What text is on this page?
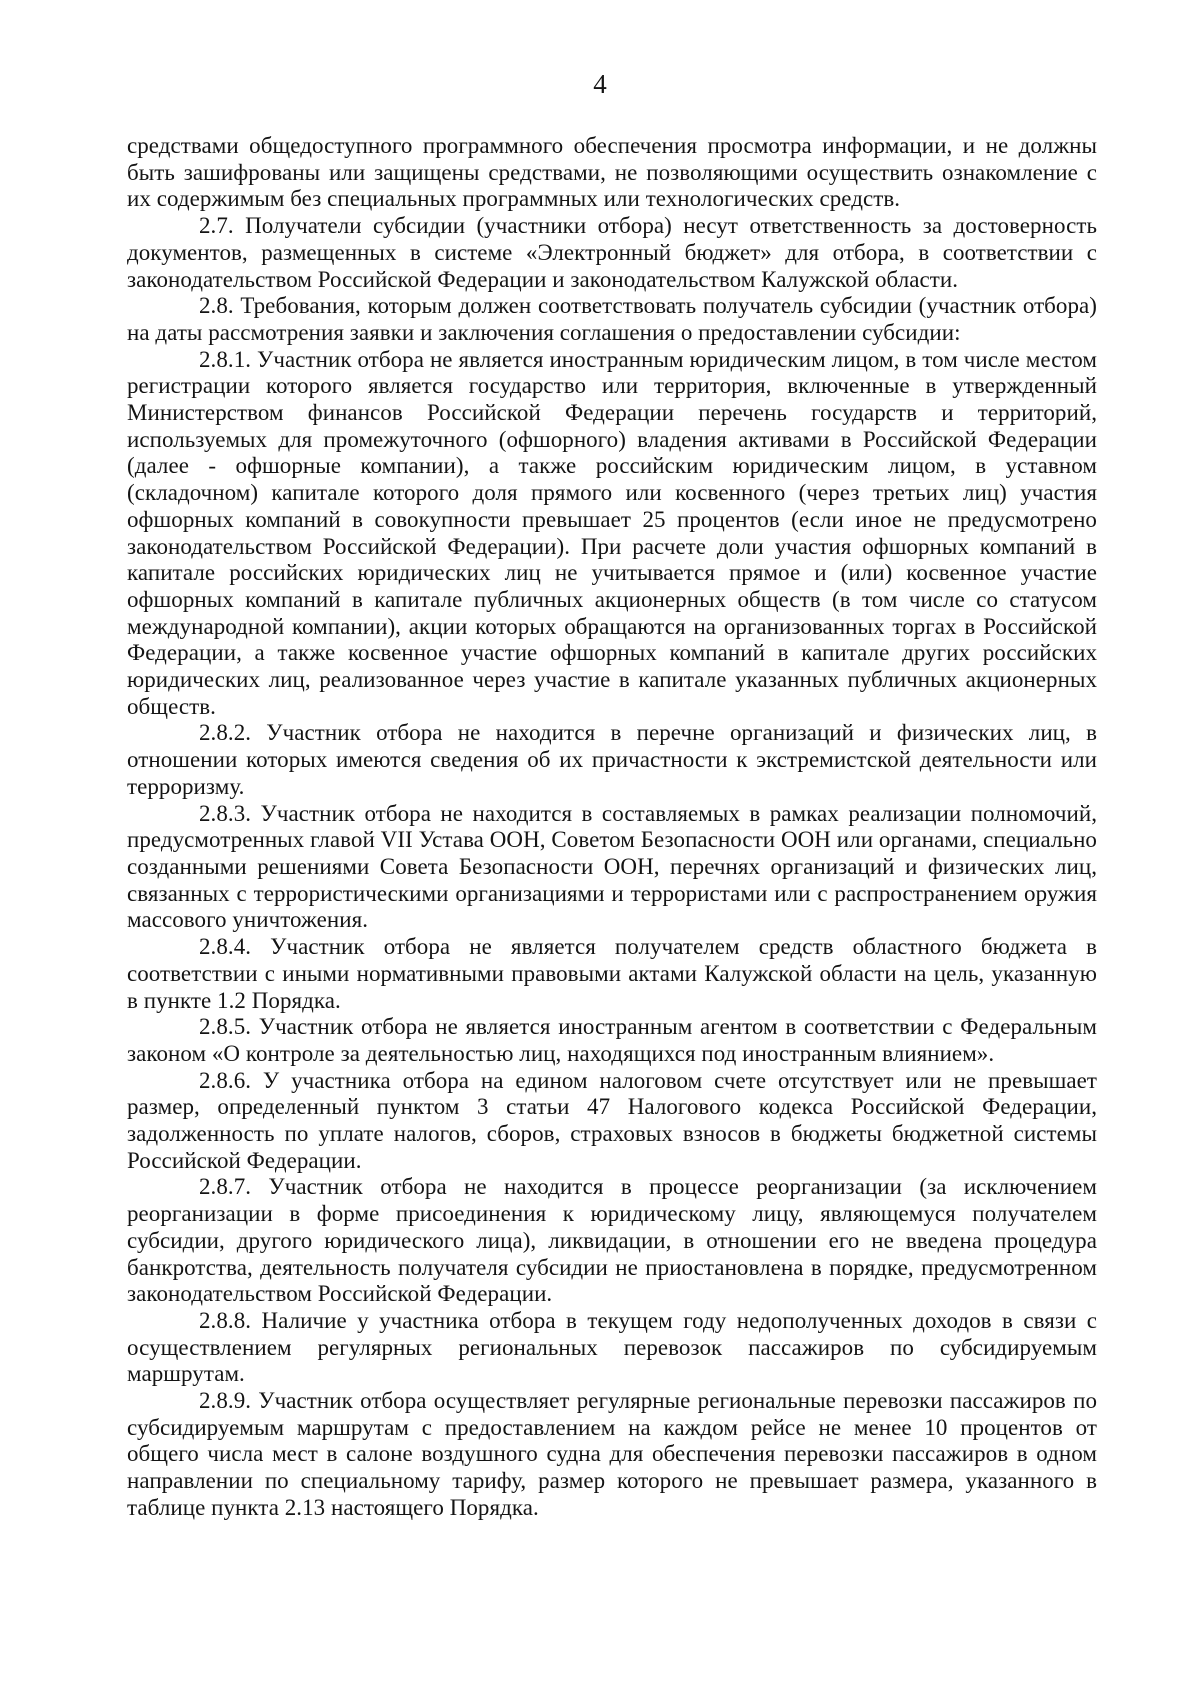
4

средствами общедоступного программного обеспечения просмотра информации, и не должны быть зашифрованы или защищены средствами, не позволяющими осуществить ознакомление с их содержимым без специальных программных или технологических средств.

2.7. Получатели субсидии (участники отбора) несут ответственность за достоверность документов, размещенных в системе «Электронный бюджет» для отбора, в соответствии с законодательством Российской Федерации и законодательством Калужской области.

2.8. Требования, которым должен соответствовать получатель субсидии (участник отбора) на даты рассмотрения заявки и заключения соглашения о предоставлении субсидии:

2.8.1. Участник отбора не является иностранным юридическим лицом, в том числе местом регистрации которого является государство или территория, включенные в утвержденный Министерством финансов Российской Федерации перечень государств и территорий, используемых для промежуточного (офшорного) владения активами в Российской Федерации (далее - офшорные компании), а также российским юридическим лицом, в уставном (складочном) капитале которого доля прямого или косвенного (через третьих лиц) участия офшорных компаний в совокупности превышает 25 процентов (если иное не предусмотрено законодательством Российской Федерации). При расчете доли участия офшорных компаний в капитале российских юридических лиц не учитывается прямое и (или) косвенное участие офшорных компаний в капитале публичных акционерных обществ (в том числе со статусом международной компании), акции которых обращаются на организованных торгах в Российской Федерации, а также косвенное участие офшорных компаний в капитале других российских юридических лиц, реализованное через участие в капитале указанных публичных акционерных обществ.

2.8.2. Участник отбора не находится в перечне организаций и физических лиц, в отношении которых имеются сведения об их причастности к экстремистской деятельности или терроризму.

2.8.3. Участник отбора не находится в составляемых в рамках реализации полномочий, предусмотренных главой VII Устава ООН, Советом Безопасности ООН или органами, специально созданными решениями Совета Безопасности ООН, перечнях организаций и физических лиц, связанных с террористическими организациями и террористами или с распространением оружия массового уничтожения.

2.8.4. Участник отбора не является получателем средств областного бюджета в соответствии с иными нормативными правовыми актами Калужской области на цель, указанную в пункте 1.2 Порядка.

2.8.5. Участник отбора не является иностранным агентом в соответствии с Федеральным законом «О контроле за деятельностью лиц, находящихся под иностранным влиянием».

2.8.6. У участника отбора на едином налоговом счете отсутствует или не превышает размер, определенный пунктом 3 статьи 47 Налогового кодекса Российской Федерации, задолженность по уплате налогов, сборов, страховых взносов в бюджеты бюджетной системы Российской Федерации.

2.8.7. Участник отбора не находится в процессе реорганизации (за исключением реорганизации в форме присоединения к юридическому лицу, являющемуся получателем субсидии, другого юридического лица), ликвидации, в отношении его не введена процедура банкротства, деятельность получателя субсидии не приостановлена в порядке, предусмотренном законодательством Российской Федерации.

2.8.8. Наличие у участника отбора в текущем году недополученных доходов в связи с осуществлением регулярных региональных перевозок пассажиров по субсидируемым маршрутам.

2.8.9. Участник отбора осуществляет регулярные региональные перевозки пассажиров по субсидируемым маршрутам с предоставлением на каждом рейсе не менее 10 процентов от общего числа мест в салоне воздушного судна для обеспечения перевозки пассажиров в одном направлении по специальному тарифу, размер которого не превышает размера, указанного в таблице пункта 2.13 настоящего Порядка.
